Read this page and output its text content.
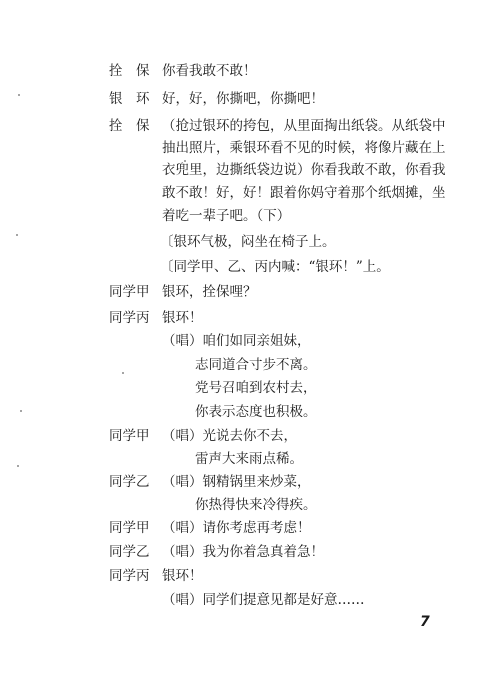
拴　保
银　环
拴　保
同学甲
同学丙
同学甲
同学乙
同学甲
同学乙
同学丙
你看我敢不敢！
好，好，你撕吧，你撕吧！
（抢过银环的挎包，从里面掏出纸袋。从纸袋中
抽出照片，乘银环看不见的时候，将像片藏在上
衣兜里，边撕纸袋边说）你看我敢不敢，你看我
敢不敢！好，好！跟着你妈守着那个纸烟摊，坐
着吃一辈子吧。（下）
〔银环气极，闷坐在椅子上。
〔同学甲、乙、丙内喊：“银环！”上。
银环，拴保哩？
银环！
（唱）咱们如同亲姐妹，
志同道合寸步不离。
党号召咱到农村去，
你表示态度也积极。
（唱）光说去你不去，
雷声大来雨点稀。
（唱）钢精锅里来炒菜，
你热得快来冷得疾。
（唱）请你考虑再考虑！
（唱）我为你着急真着急！
银环！
（唱）同学们提意见都是好意……
7
